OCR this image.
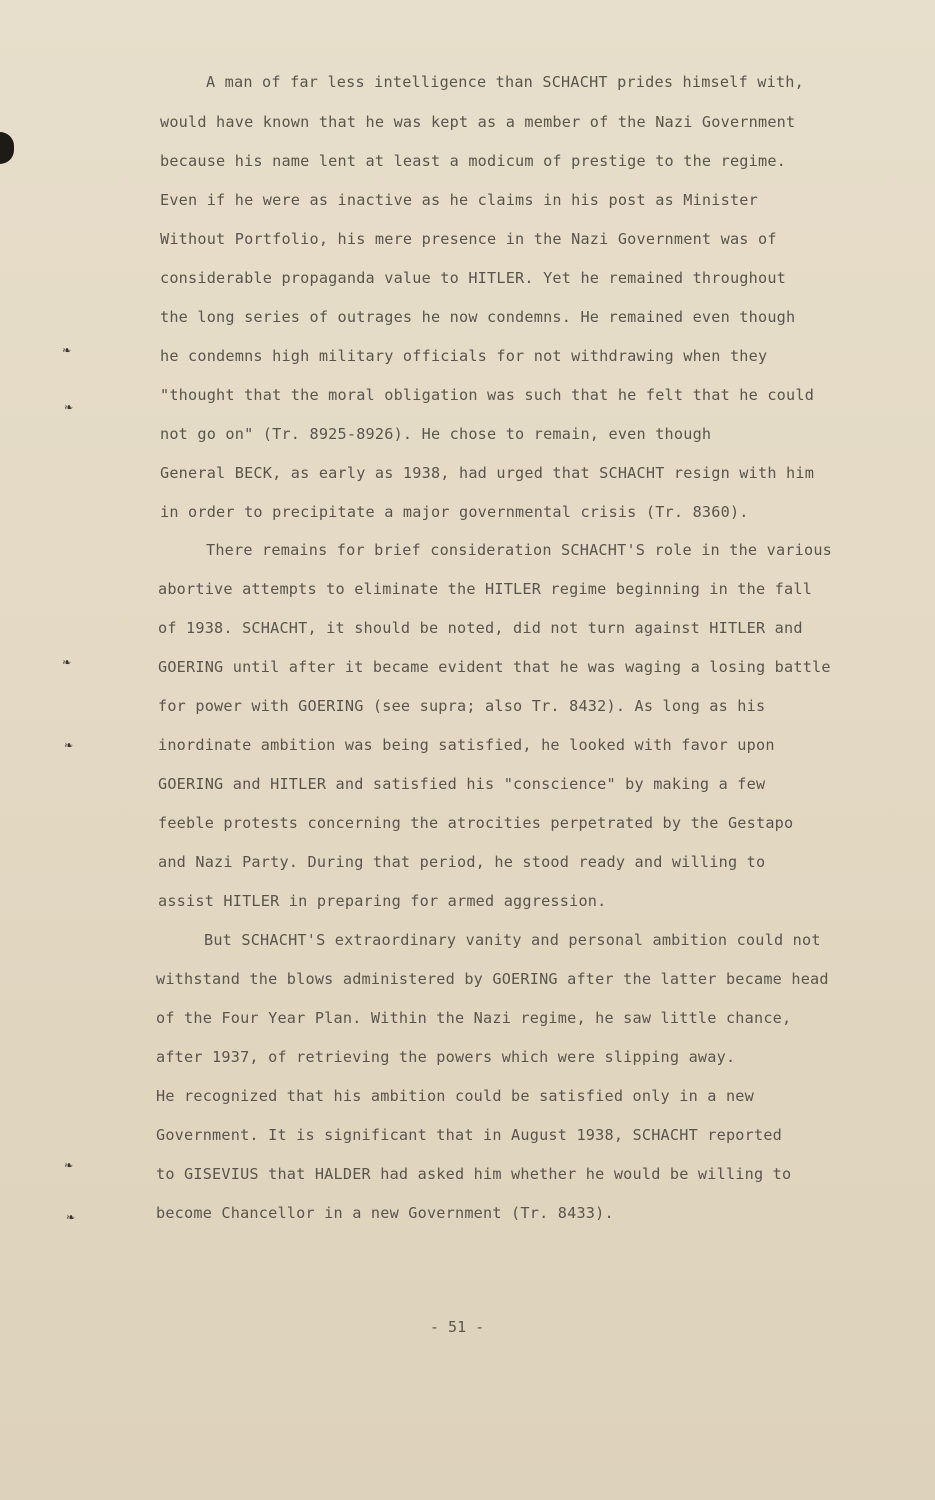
❧
❧
❧
❧
❧
❧
A man of far less intelligence than SCHACHT prides himself with,
would have known that he was kept as a member of the Nazi Government
because his name lent at least a modicum of prestige to the regime.
Even if he were as inactive as he claims in his post as Minister
Without Portfolio, his mere presence in the Nazi Government was of
considerable propaganda value to HITLER. Yet he remained throughout
the long series of outrages he now condemns. He remained even though
he condemns high military officials for not withdrawing when they
"thought that the moral obligation was such that he felt that he could
not go on" (Tr. 8925-8926). He chose to remain, even though
General BECK, as early as 1938, had urged that SCHACHT resign with him
in order to precipitate a major governmental crisis (Tr. 8360).
There remains for brief consideration SCHACHT'S role in the various
abortive attempts to eliminate the HITLER regime beginning in the fall
of 1938. SCHACHT, it should be noted, did not turn against HITLER and
GOERING until after it became evident that he was waging a losing battle
for power with GOERING (see supra; also Tr. 8432). As long as his
inordinate ambition was being satisfied, he looked with favor upon
GOERING and HITLER and satisfied his "conscience" by making a few
feeble protests concerning the atrocities perpetrated by the Gestapo
and Nazi Party. During that period, he stood ready and willing to
assist HITLER in preparing for armed aggression.
But SCHACHT'S extraordinary vanity and personal ambition could not
withstand the blows administered by GOERING after the latter became head
of the Four Year Plan. Within the Nazi regime, he saw little chance,
after 1937, of retrieving the powers which were slipping away.
He recognized that his ambition could be satisfied only in a new
Government. It is significant that in August 1938, SCHACHT reported
to GISEVIUS that HALDER had asked him whether he would be willing to
become Chancellor in a new Government (Tr. 8433).
- 51 -
